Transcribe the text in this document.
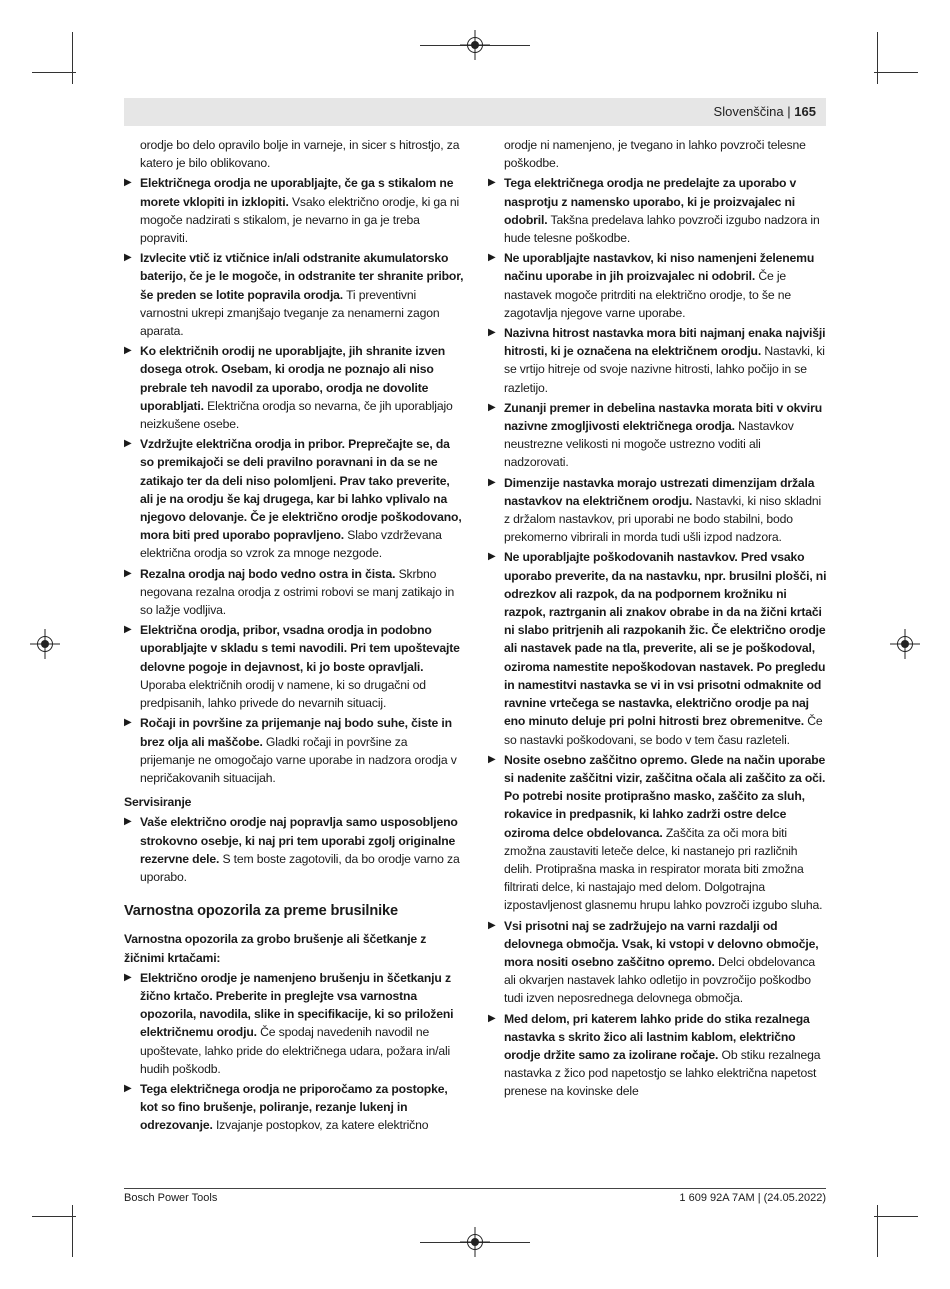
Slovenščina | 165
orodje bo delo opravilo bolje in varneje, in sicer s hitrostjo, za katero je bilo oblikovano.
▶ Električnega orodja ne uporabljajte, če ga s stikalom ne morete vklopiti in izklopiti. Vsako električno orodje, ki ga ni mogoče nadzirati s stikalom, je nevarno in ga je treba popraviti.
▶ Izvlecite vtič iz vtičnice in/ali odstranite akumulatorsko baterijo, če je le mogoče, in odstranite ter shranite pribor, še preden se lotite popravila orodja. Ti preventivni varnostni ukrepi zmanjšajo tveganje za nenamerni zagon aparata.
▶ Ko električnih orodij ne uporabljajte, jih shranite izven dosega otrok. Osebam, ki orodja ne poznajo ali niso prebrale teh navodil za uporabo, orodja ne dovolite uporabljati. Električna orodja so nevarna, če jih uporabljajo neizkušene osebe.
▶ Vzdržujte električna orodja in pribor. Preprečajte se, da so premikajoči se deli pravilno poravnani in da se ne zatikajo ter da deli niso polomljeni. Prav tako preverite, ali je na orodju še kaj drugega, kar bi lahko vplivalo na njegovo delovanje. Če je električno orodje poškodovano, mora biti pred uporabo popravljeno. Slabo vzdrževana električna orodja so vzrok za mnoge nezgode.
▶ Rezalna orodja naj bodo vedno ostra in čista. Skrbno negovana rezalna orodja z ostrimi robovi se manj zatikajo in so lažje vodljiva.
▶ Električna orodja, pribor, vsadna orodja in podobno uporabljajte v skladu s temi navodili. Pri tem upoštevajte delovne pogoje in dejavnost, ki jo boste opravljali. Uporaba električnih orodij v namene, ki so drugačni od predpisanih, lahko privede do nevarnih situacij.
▶ Ročaji in površine za prijemanje naj bodo suhe, čiste in brez olja ali maščobe. Gladki ročaji in površine za prijemanje ne omogočajo varne uporabe in nadzora orodja v nepričakovanih situacijah.
Servisiranje
▶ Vaše električno orodje naj popravlja samo usposobljeno strokovno osebje, ki naj pri tem uporabi zgolj originalne rezervne dele. S tem boste zagotovili, da bo orodje varno za uporabo.
Varnostna opozorila za preme brusilnike
Varnostna opozorila za grobo brušenje ali ščetkanje z žičnimi krtačami:
▶ Električno orodje je namenjeno brušenju in ščetkanju z žično krtačo. Preberite in preglejte vsa varnostna opozorila, navodila, slike in specifikacije, ki so priloženi električnemu orodju. Če spodaj navedenih navodil ne upoštevate, lahko pride do električnega udara, požara in/ali hudih poškodb.
▶ Tega električnega orodja ne priporočamo za postopke, kot so fino brušenje, poliranje, rezanje lukenj in odrezovanje. Izvajanje postopkov, za katere električno
orodje ni namenjeno, je tvegano in lahko povzroči telesne poškodbe.
▶ Tega električnega orodja ne predelajte za uporabo v nasprotju z namensko uporabo, ki je proizvajalec ni odobril. Takšna predelava lahko povzroči izgubo nadzora in hude telesne poškodbe.
▶ Ne uporabljajte nastavkov, ki niso namenjeni želenemu načinu uporabe in jih proizvajalec ni odobril. Če je nastavek mogoče pritrditi na električno orodje, to še ne zagotavlja njegove varne uporabe.
▶ Nazivna hitrost nastavka mora biti najmanj enaka najvišji hitrosti, ki je označena na električnem orodju. Nastavki, ki se vrtijo hitreje od svoje nazivne hitrosti, lahko počijo in se razletijo.
▶ Zunanji premer in debelina nastavka morata biti v okviru nazivne zmogljivosti električnega orodja. Nastavkov neustrezne velikosti ni mogoče ustrezno voditi ali nadzorovati.
▶ Dimenzije nastavka morajo ustrezati dimenzijam držala nastavkov na električnem orodju. Nastavki, ki niso skladni z držalom nastavkov, pri uporabi ne bodo stabilni, bodo prekomerno vibrirali in morda tudi ušli izpod nadzora.
▶ Ne uporabljajte poškodovanih nastavkov. Pred vsako uporabo preverite, da na nastavku, npr. brusilni plošči, ni odrezkov ali razpok, da na podpornem krožniku ni razpok, raztrganin ali znakov obrabe in da na žični krtači ni slabo pritrjenih ali razpokanih žic. Če električno orodje ali nastavek pade na tla, preverite, ali se je poškodoval, oziroma namestite nepoškodovan nastavek. Po pregledu in namestitvi nastavka se vi in vsi prisotni odmaknite od ravnine vrtečega se nastavka, električno orodje pa naj eno minuto deluje pri polni hitrosti brez obremenitve. Če so nastavki poškodovani, se bodo v tem času razleteli.
▶ Nosite osebno zaščitno opremo. Glede na način uporabe si nadenite zaščitni vizir, zaščitna očala ali zaščito za oči. Po potrebi nosite protiprašno masko, zaščito za sluh, rokavice in predpasnik, ki lahko zadrži ostre delce oziroma delce obdelovanca. Zaščita za oči mora biti zmožna zaustaviti leteče delce, ki nastanejo pri različnih delih. Protiprašna maska in respirator morata biti zmožna filtrirati delce, ki nastajajo med delom. Dolgotrajna izpostavljenost glasnemu hrupu lahko povzroči izgubo sluha.
▶ Vsi prisotni naj se zadržujejo na varni razdalji od delovnega območja. Vsak, ki vstopi v delovno območje, mora nositi osebno zaščitno opremo. Delci obdelovanca ali okvarjen nastavek lahko odletijo in povzročijo poškodbo tudi izven neposrednega delovnega območja.
▶ Med delom, pri katerem lahko pride do stika rezalnega nastavka s skrito žico ali lastnim kablom, električno orodje držite samo za izolirane ročaje. Ob stiku rezalnega nastavka z žico pod napetostjo se lahko električna napetost prenese na kovinske dele
Bosch Power Tools	1 609 92A 7AM | (24.05.2022)
